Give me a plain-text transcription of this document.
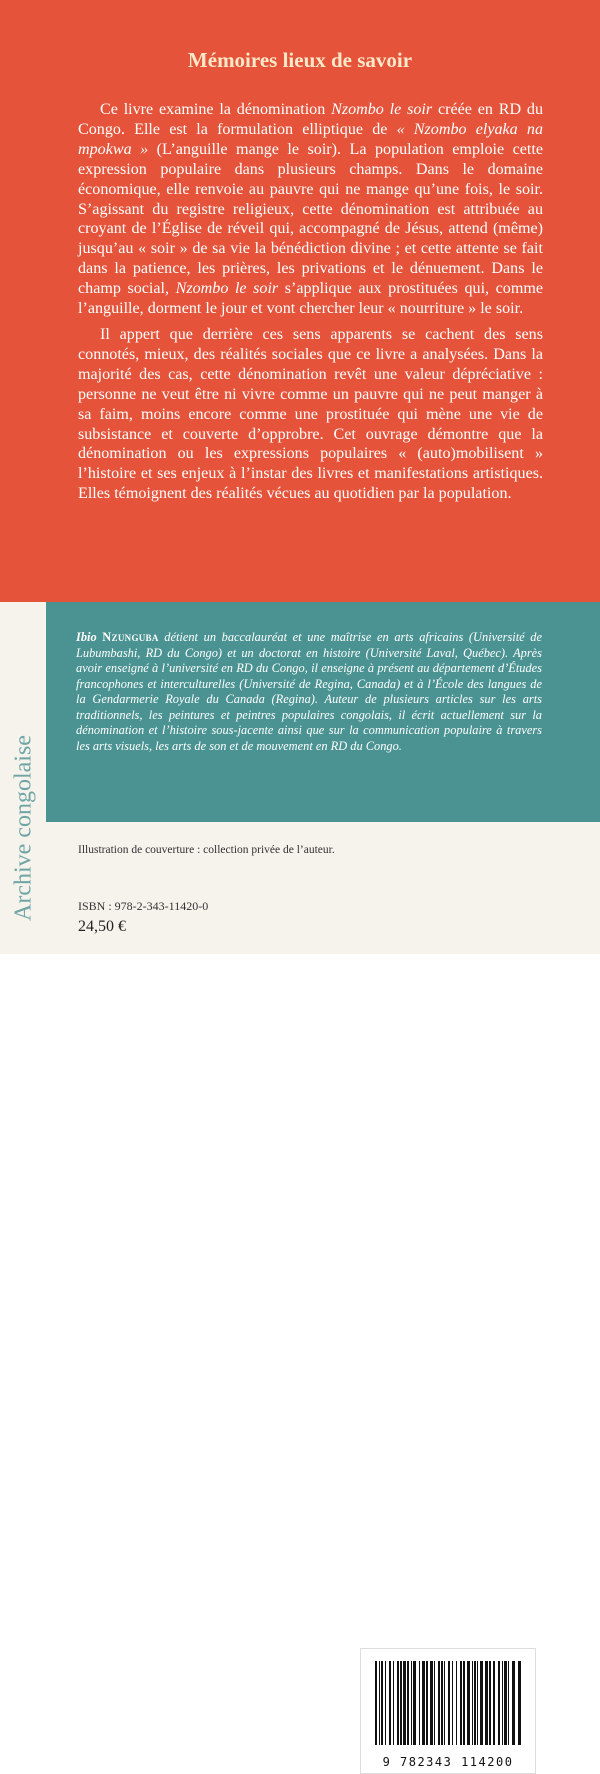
Mémoires lieux de savoir

Ce livre examine la dénomination Nzombo le soir créée en RD du Congo. Elle est la formulation elliptique de « Nzombo elyaka na mpokwa » (L’anguille mange le soir). La population emploie cette expression populaire dans plusieurs champs. Dans le domaine économique, elle renvoie au pauvre qui ne mange qu’une fois, le soir. S’agissant du registre religieux, cette dénomination est attribuée au croyant de l’Église de réveil qui, accompagné de Jésus, attend (même) jusqu’au « soir » de sa vie la bénédiction divine ; et cette attente se fait dans la patience, les prières, les privations et le dénuement. Dans le champ social, Nzombo le soir s’applique aux prostituées qui, comme l’anguille, dorment le jour et vont chercher leur « nourriture » le soir.

Il appert que derrière ces sens apparents se cachent des sens connotés, mieux, des réalités sociales que ce livre a analysées. Dans la majorité des cas, cette dénomination revêt une valeur dépréciative : personne ne veut être ni vivre comme un pauvre qui ne peut manger à sa faim, moins encore comme une prostituée qui mène une vie de subsistance et couverte d’opprobre. Cet ouvrage démontre que la dénomination ou les expressions populaires « (auto)mobilisent » l’histoire et ses enjeux à l’instar des livres et manifestations artistiques. Elles témoignent des réalités vécues au quotidien par la population.

Ibio Nzunguba détient un baccalauréat et une maîtrise en arts africains (Université de Lubumbashi, RD du Congo) et un doctorat en histoire (Université Laval, Québec). Après avoir enseigné à l’université en RD du Congo, il enseigne à présent au département d’Études francophones et interculturelles (Université de Regina, Canada) et à l’École des langues de la Gendarmerie Royale du Canada (Regina). Auteur de plusieurs articles sur les arts traditionnels, les peintures et peintres populaires congolais, il écrit actuellement sur la dénomination et l’histoire sous-jacente ainsi que sur la communication populaire à travers les arts visuels, les arts de son et de mouvement en RD du Congo.

9 782343 114200
Archive congolaise	Illustration de couverture : collection privée de l’auteur.
ISBN : 978-2-343-11420-0
24,50 €
